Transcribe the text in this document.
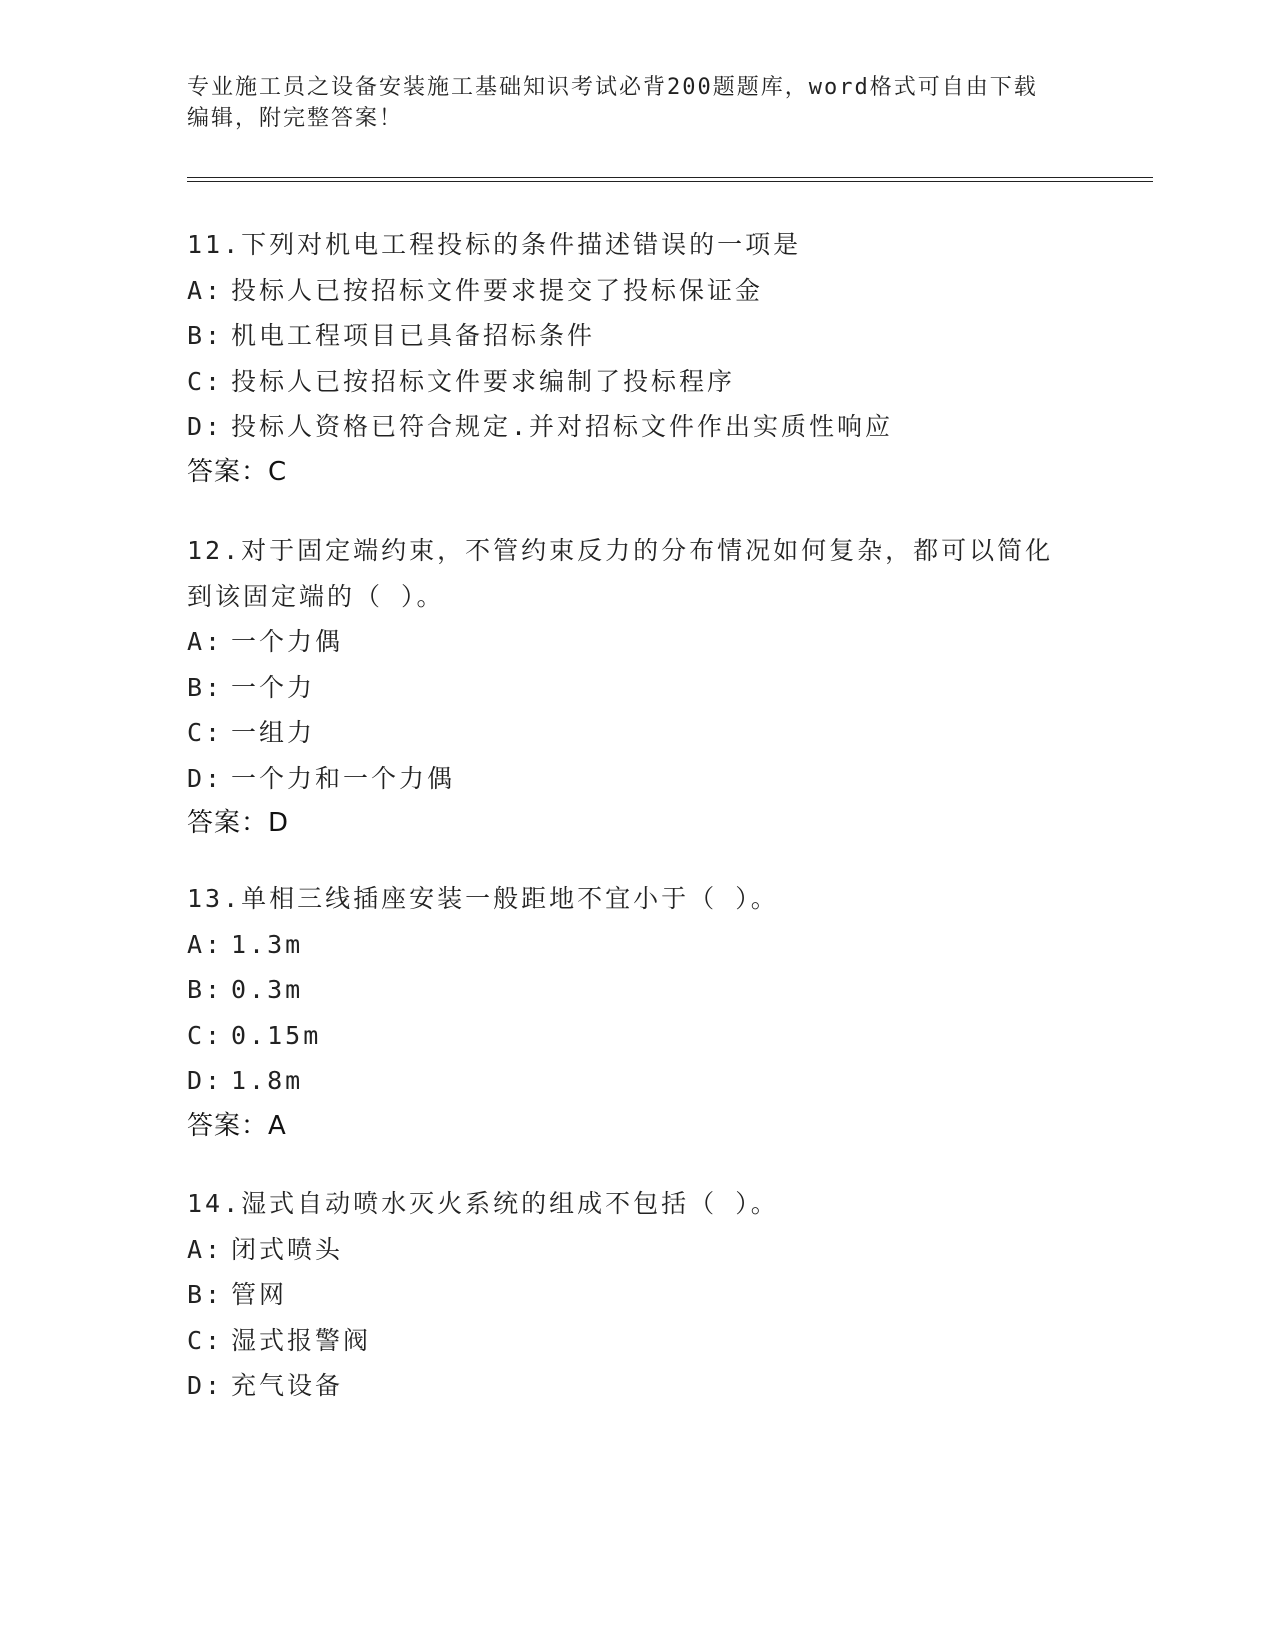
专业施工员之设备安装施工基础知识考试必背200题题库，word格式可自由下载
编辑，附完整答案！
11.下列对机电工程投标的条件描述错误的一项是
A: 投标人已按招标文件要求提交了投标保证金
B: 机电工程项目已具备招标条件
C: 投标人已按招标文件要求编制了投标程序
D: 投标人资格已符合规定.并对招标文件作出实质性响应
答案：C
12.对于固定端约束，不管约束反力的分布情况如何复杂，都可以简化
到该固定端的（ ）。
A: 一个力偶
B: 一个力
C: 一组力
D: 一个力和一个力偶
答案：D
13.单相三线插座安装一般距地不宜小于（ ）。
A: 1.3m
B: 0.3m
C: 0.15m
D: 1.8m
答案：A
14.湿式自动喷水灭火系统的组成不包括（ ）。
A: 闭式喷头
B: 管网
C: 湿式报警阀
D: 充气设备
